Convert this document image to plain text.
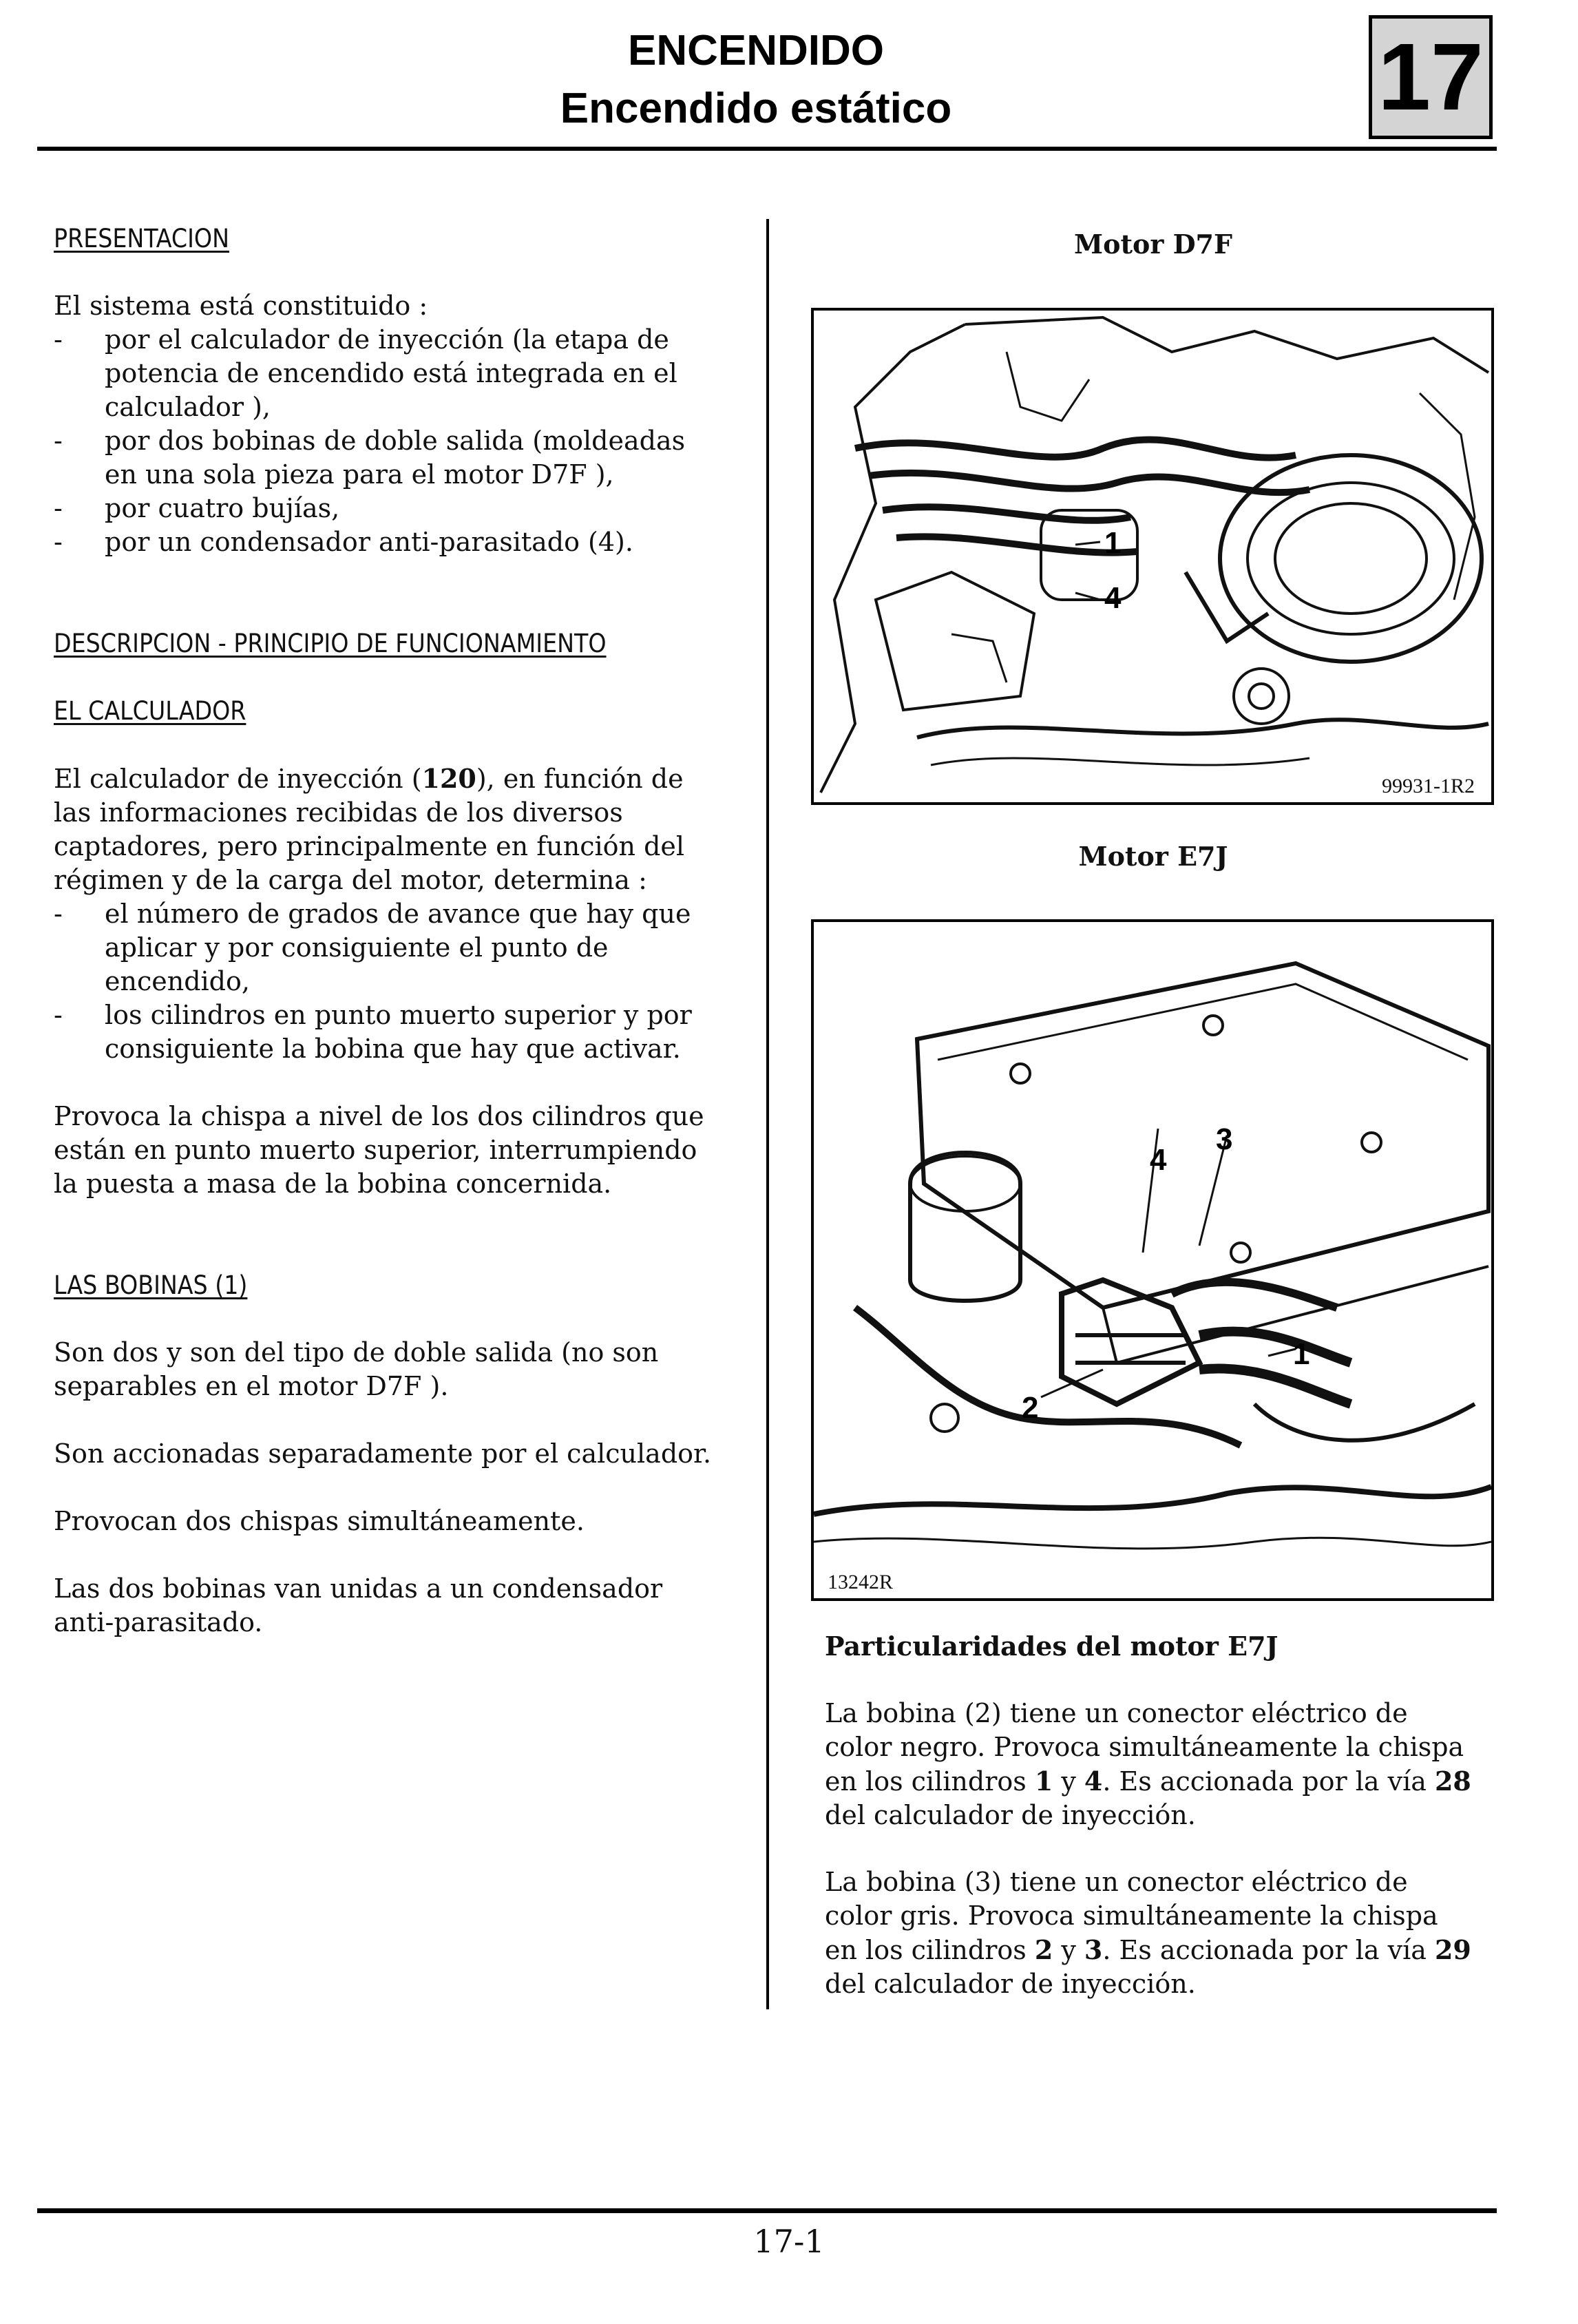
ENCENDIDO
Encendido estático	17

PRESENTACION

El sistema está constituido :

- por el calculador de inyección (la etapa de potencia de encendido está integrada en el calculador ),
- por dos bobinas de doble salida (moldeadas en una sola pieza para el motor D7F ),
- por cuatro bujías,
- por un condensador anti-parasitado (4).

DESCRIPCION - PRINCIPIO DE FUNCIONAMIENTO

EL CALCULADOR

El calculador de inyección (120), en función de las informaciones recibidas de los diversos captadores, pero principalmente en función del régimen y de la carga del motor, determina :

- el número de grados de avance que hay que aplicar y por consiguiente el punto de encendido,
- los cilindros en punto muerto superior y por consiguiente la bobina que hay que activar.

Provoca la chispa a nivel de los dos cilindros que están en punto muerto superior, interrumpiendo la puesta a masa de la bobina concernida.

LAS BOBINAS (1)

Son dos y son del tipo de doble salida (no son separables en el motor D7F ).

Son accionadas separadamente por el calculador.

Provocan dos chispas simultáneamente.

Las dos bobinas van unidas a un condensador anti-parasitado.

Motor D7F
1
4
99931-1R2
Motor E7J
4
3
1
2
13242R
Particularidades del motor E7J
La bobina (2) tiene un conector eléctrico de color negro. Provoca simultáneamente la chispa en los cilindros 1 y 4. Es accionada por la vía 28 del calculador de inyección.
La bobina (3) tiene un conector eléctrico de color gris. Provoca simultáneamente la chispa en los cilindros 2 y 3. Es accionada por la vía 29 del calculador de inyección.
17-1
